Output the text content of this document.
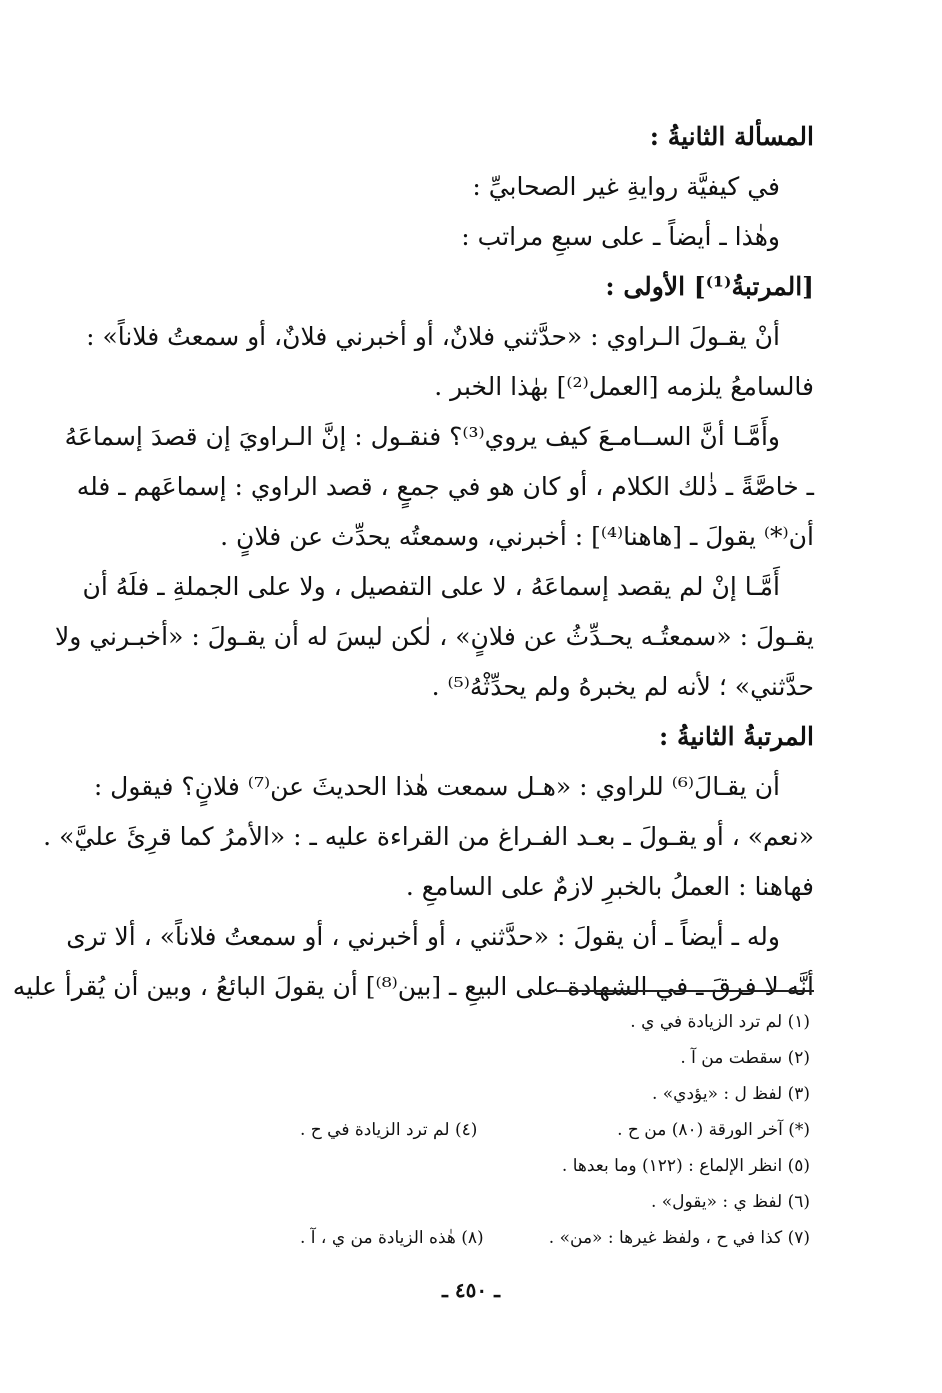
المسألة الثانيةُ :
في كيفيَّة روايةِ غير الصحابيِّ :
وهٰذا ـ أيضاً ـ على سبعِ مراتب :
[المرتبةُ⁽¹⁾] الأولى :
أنْ يقـولَ الـراوي : «حدَّثني فلانٌ، أو أخبرني فلانٌ، أو سمعتُ فلاناً» :
فالسامعُ يلزمه [العمل⁽²⁾] بهٰذا الخبر .
وأَمَّـا أنَّ الســامـعَ كيف يروي⁽³⁾؟ فنقـول : إنَّ الـراويَ إن قصدَ إسماعَهُ
ـ خاصَّةً ـ ذٰلك الكلام ، أو كان هو في جمعٍ ، قصد الراوي : إسماعَهم ـ فله
أن⁽*⁾ يقولَ ـ [هاهنا⁽⁴⁾] : أخبرني، وسمعتُه يحدِّث عن فلانٍ .
أَمَّـا إنْ لم يقصد إسماعَهُ ، لا على التفصيل ، ولا على الجملةِ ـ فلَهُ أن
يقـولَ : «سمعتُـه يحـدِّثُ عن فلانٍ» ، لٰكن ليسَ له أن يقـولَ : «أخبـرني ولا
حدَّثني» ؛ لأنه لم يخبرهُ ولم يحدِّثْهُ⁽⁵⁾ .
المرتبةُ الثانيةُ :
أن يقـالَ⁽⁶⁾ للراوي : «هـل سمعت هٰذا الحديثَ عن⁽⁷⁾ فلانٍ؟ فيقول :
«نعم» ، أو يقـولَ ـ بعـد الفـراغ من القراءة عليه ـ : «الأمرُ كما قرِئَ عليَّ» .
فهاهنا : العملُ بالخبرِ لازمٌ على السامعِ .
وله ـ أيضاً ـ أن يقولَ : «حدَّثني ، أو أخبرني ، أو سمعتُ فلاناً» ، ألا ترى
أنَّه لا فرقَ ـ في الشهادة على البيعِ ـ [بين⁽⁸⁾] أن يقولَ البائعُ ، وبين أن يُقرأ عليه
(١) لم ترد الزيادة في ي .
(٢) سقطت من آ .
(٣) لفظ ل : «يؤدي» .
(*) آخر الورقة (٨٠) من ح .
(٤) لم ترد الزيادة في ح .
(٥) انظر الإلماع : (١٢٢) وما بعدها .
(٦) لفظ ي : «يقول» .
(٧) كذا في ح ، ولفظ غيرها : «من» .
(٨) هٰذه الزيادة من ي ، آ .
ـ ٤٥٠ ـ
